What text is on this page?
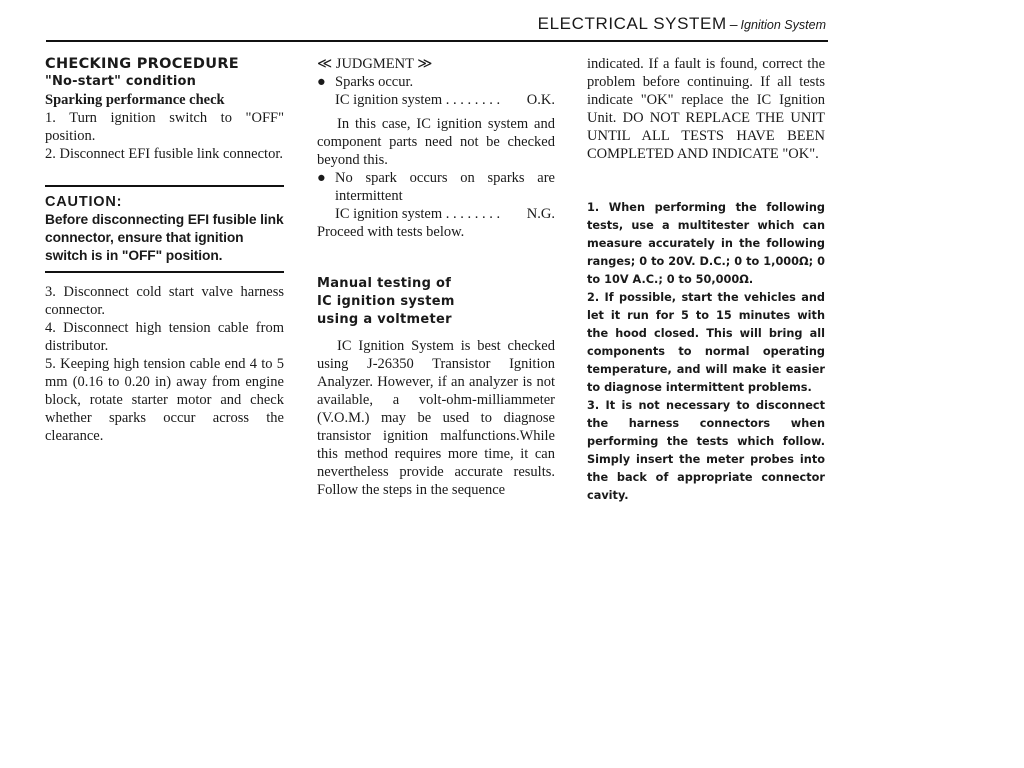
ELECTRICAL SYSTEM – Ignition System

CHECKING PROCEDURE

"No-start" condition

Sparking performance check

1. Turn ignition switch to "OFF" position.

2. Disconnect EFI fusible link connector.

CAUTION:
Before disconnecting EFI fusible link connector, ensure that ignition switch is in "OFF" position.

3. Disconnect cold start valve harness connector.

4. Disconnect high tension cable from distributor.

5. Keeping high tension cable end 4 to 5 mm (0.16 to 0.20 in) away from engine block, rotate starter motor and check whether sparks occur across the clearance.

≪ JUDGMENT ≫

● Sparks occur.
IC ignition system . . . . . . . . O.K.

In this case, IC ignition system and component parts need not be checked beyond this.

● No spark occurs on sparks are intermittent
IC ignition system . . . . . . . . N.G.

Proceed with tests below.

Manual testing of
IC ignition system
using a voltmeter

IC Ignition System is best checked using J-26350 Transistor Ignition Analyzer. However, if an analyzer is not available, a volt-ohm-milliammeter (V.O.M.) may be used to diagnose transistor ignition malfunctions.While this method requires more time, it can nevertheless provide accurate results. Follow the steps in the sequence

indicated. If a fault is found, correct the problem before continuing. If all tests indicate "OK" replace the IC Ignition Unit. DO NOT REPLACE THE UNIT UNTIL ALL TESTS HAVE BEEN COMPLETED AND INDICATE "OK".

1. When performing the following tests, use a multitester which can measure accurately in the following ranges; 0 to 20V. D.C.; 0 to 1,000Ω; 0 to 10V A.C.; 0 to 50,000Ω.

2. If possible, start the vehicles and let it run for 5 to 15 minutes with the hood closed. This will bring all components to normal operating temperature, and will make it easier to diagnose intermittent problems.

3. It is not necessary to disconnect the harness connectors when performing the tests which follow. Simply insert the meter probes into the back of appropriate connector cavity.
